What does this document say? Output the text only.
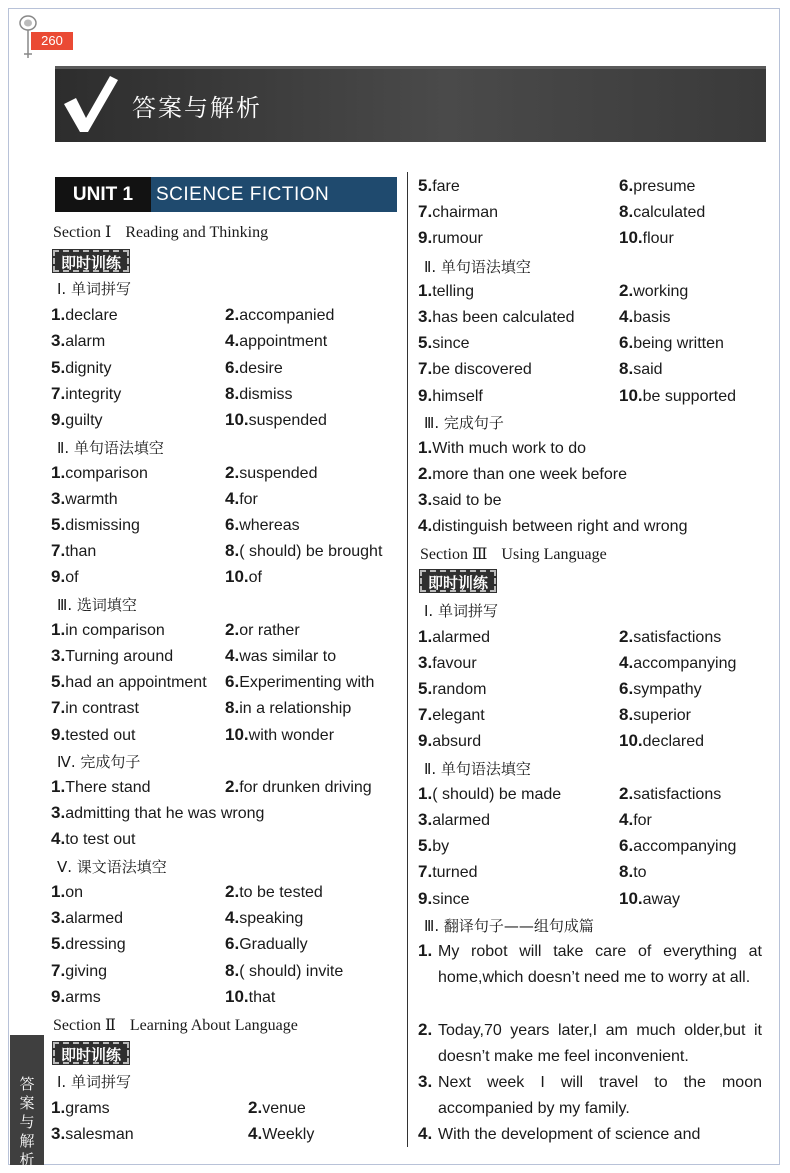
260
答案与解析
UNIT 1	SCIENCE FICTION
答案与解析
Section Ⅰ Reading and Thinking
即时训练
Ⅰ. 单词拼写
1.declare	2.accompanied
3.alarm	4.appointment
5.dignity	6.desire
7.integrity	8.dismiss
9.guilty	10.suspended
Ⅱ. 单句语法填空
1.comparison	2.suspended
3.warmth	4.for
5.dismissing	6.whereas
7.than	8.( should) be brought
9.of	10.of
Ⅲ. 选词填空
1.in comparison	2.or rather
3.Turning around	4.was similar to
5.had an appointment 6.Experimenting with
7.in contrast	8.in a relationship
9.tested out	10.with wonder
Ⅳ. 完成句子
1.There stand	2.for drunken driving
3.admitting that he was wrong
4.to test out
Ⅴ. 课文语法填空
1.on	2.to be tested
3.alarmed	4.speaking
5.dressing	6.Gradually
7.giving	8.( should) invite
9.arms	10.that
Section Ⅱ Learning About Language
即时训练
Ⅰ. 单词拼写
1.grams	2.venue
3.salesman	4.Weekly
5.fare	6.presume
7.chairman	8.calculated
9.rumour	10.flour
Ⅱ. 单句语法填空
1.telling	2.working
3.has been calculated	4.basis
5.since	6.being written
7.be discovered	8.said
9.himself	10.be supported
Ⅲ. 完成句子
1.With much work to do
2.more than one week before
3.said to be
4.distinguish between right and wrong
Section Ⅲ Using Language
即时训练
Ⅰ. 单词拼写
1.alarmed	2.satisfactions
3.favour	4.accompanying
5.random	6.sympathy
7.elegant	8.superior
9.absurd	10.declared
Ⅱ. 单句语法填空
1.( should) be made	2.satisfactions
3.alarmed	4.for
5.by	6.accompanying
7.turned	8.to
9.since	10.away
Ⅲ. 翻译句子——组句成篇
1. My robot will take care of everything at home,which doesn’t need me to worry at all.
2. Today,70 years later,I am much older,but it doesn’t make me feel inconvenient.
3. Next week I will travel to the moon accompanied by my family.
4. With the development of science and
